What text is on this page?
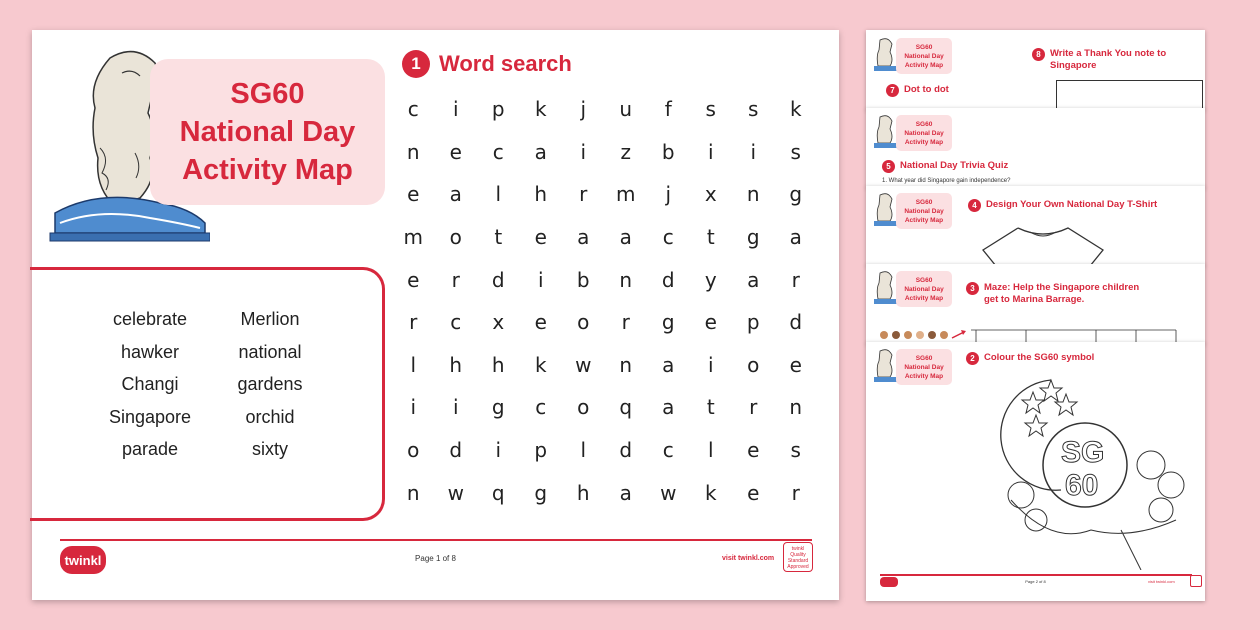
SG60
National Day
Activity Map
celebrate	Merlion
hawker	national
Changi	gardens
Singapore	orchid
parade	sixty
1 Word search
c	i	p	k	j	u	f	s	s	k
n	e	c	a	i	z	b	i	i	s
e	a	l	h	r	m	j	x	n	g
m	o	t	e	a	a	c	t	g	a
e	r	d	i	b	n	d	y	a	r
r	c	x	e	o	r	g	e	p	d
l	h	h	k	w	n	a	i	o	e
i	i	g	c	o	q	a	t	r	n
o	d	i	p	l	d	c	l	e	s
n	w	q	g	h	a	w	k	e	r
twinkl	Page 1 of 8	visit twinkl.com
twinkl Quality Standard Approved
SG60
National Day
Activity Map
8 Write a Thank You note to Singapore
7 Dot to dot
SG60
National Day
Activity Map
5 National Day Trivia Quiz
1. What year did Singapore gain independence?
SG60
National Day
Activity Map
4 Design Your Own National Day T-Shirt
SG60
National Day
Activity Map
3 Maze: Help the Singapore children
get to Marina Barrage.
SG60
National Day
Activity Map
2 Colour the SG60 symbol
SG
60
Page 2 of 8	visit twinkl.com
